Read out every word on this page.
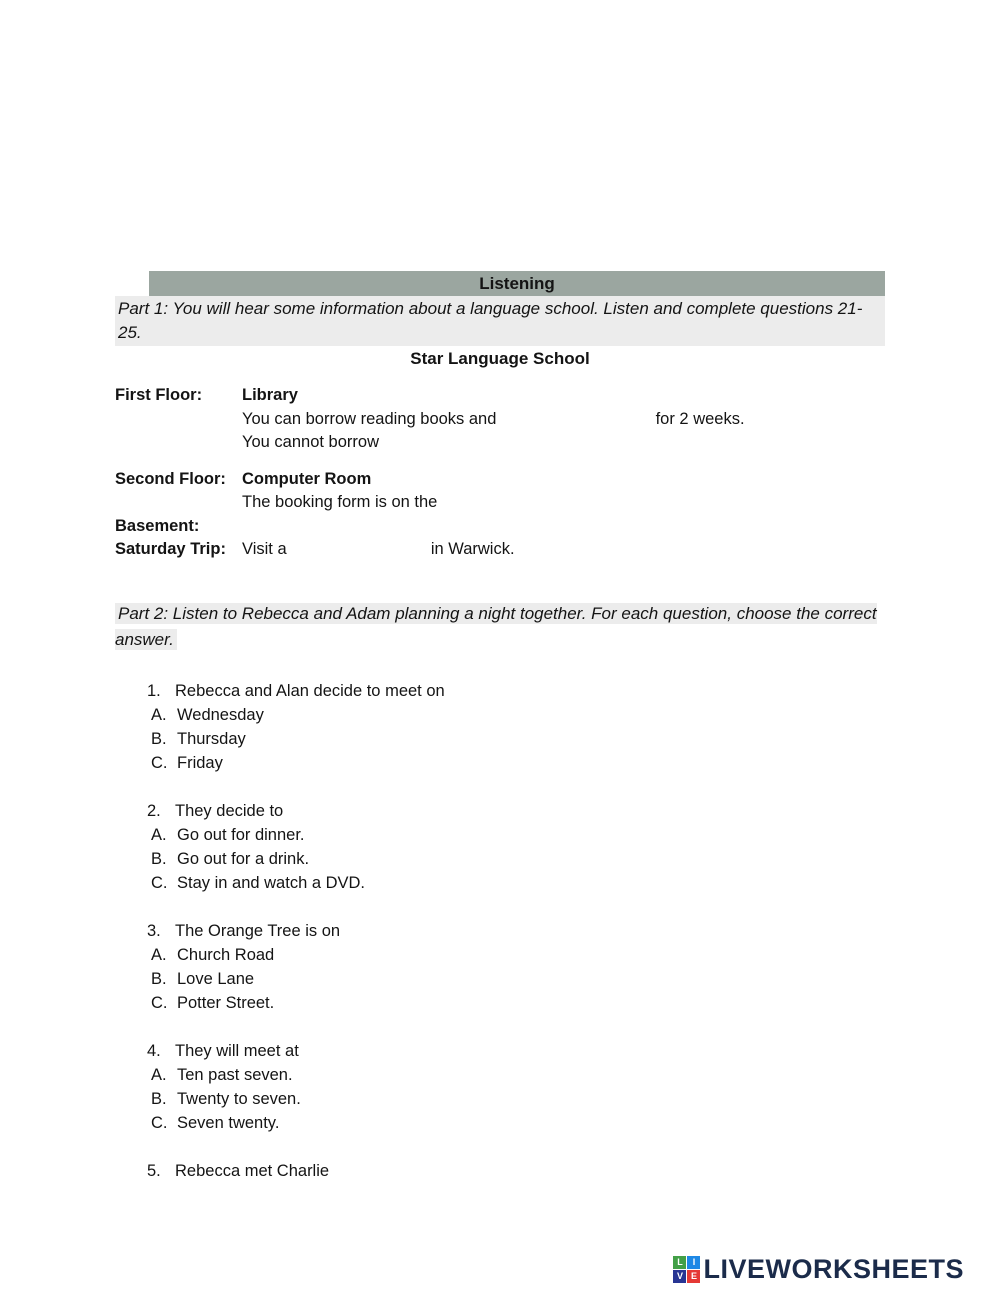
Listening
Part 1: You will hear some information about a language school. Listen and complete questions 21-25.
Star Language School
First Floor:	Library
You can borrow reading books and	for 2 weeks.
You cannot borrow
Second Floor: Computer Room
The booking form is on the
Basement:
Saturday Trip: Visit a	in Warwick.
Part 2: Listen to Rebecca and Adam planning a night together. For each question, choose the correct answer.
1. Rebecca and Alan decide to meet on
A. Wednesday
B. Thursday
C. Friday
2. They decide to
A. Go out for dinner.
B. Go out for a drink.
C. Stay in and watch a DVD.
3. The Orange Tree is on
A. Church Road
B. Love Lane
C. Potter Street.
4. They will meet at
A. Ten past seven.
B. Twenty to seven.
C. Seven twenty.
5. Rebecca met Charlie
L	I
V E LIVEWORKSHEETS
